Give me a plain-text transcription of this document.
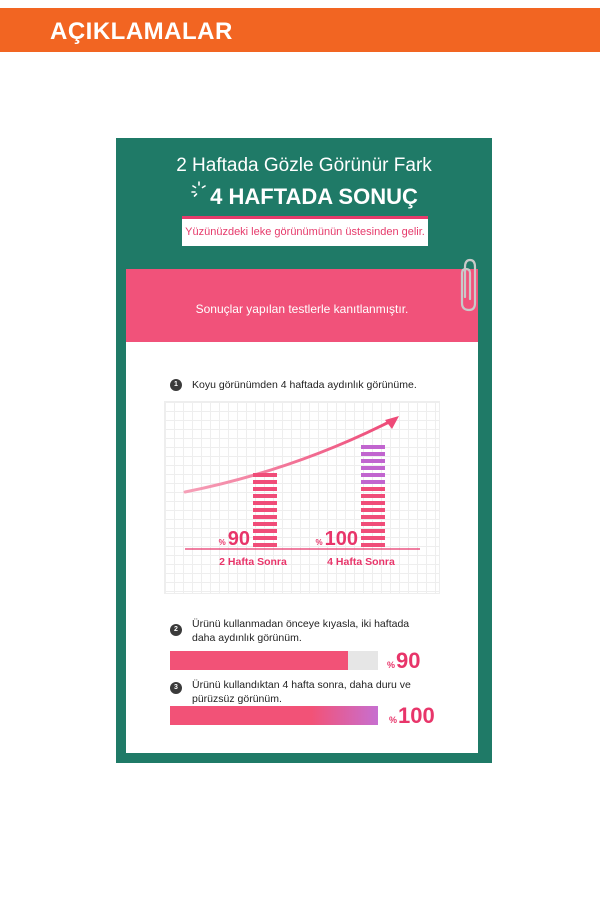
AÇIKLAMALAR
2 Haftada Gözle Görünür Fark
4 HAFTADA SONUÇ
Yüzünüzdeki leke görünümünün üstesinden gelir.
Sonuçlar yapılan testlerle kanıtlanmıştır.
1	Koyu görünümden 4 haftada aydınlık görünüme.
% 90
2 Hafta Sonra
% 100
4 Hafta Sonra
2	Ürünü kullanmadan önceye kıyasla, iki haftada
daha aydınlık görünüm.
%90
3	Ürünü kullandıktan 4 hafta sonra, daha duru ve
pürüzsüz görünüm.
%100
